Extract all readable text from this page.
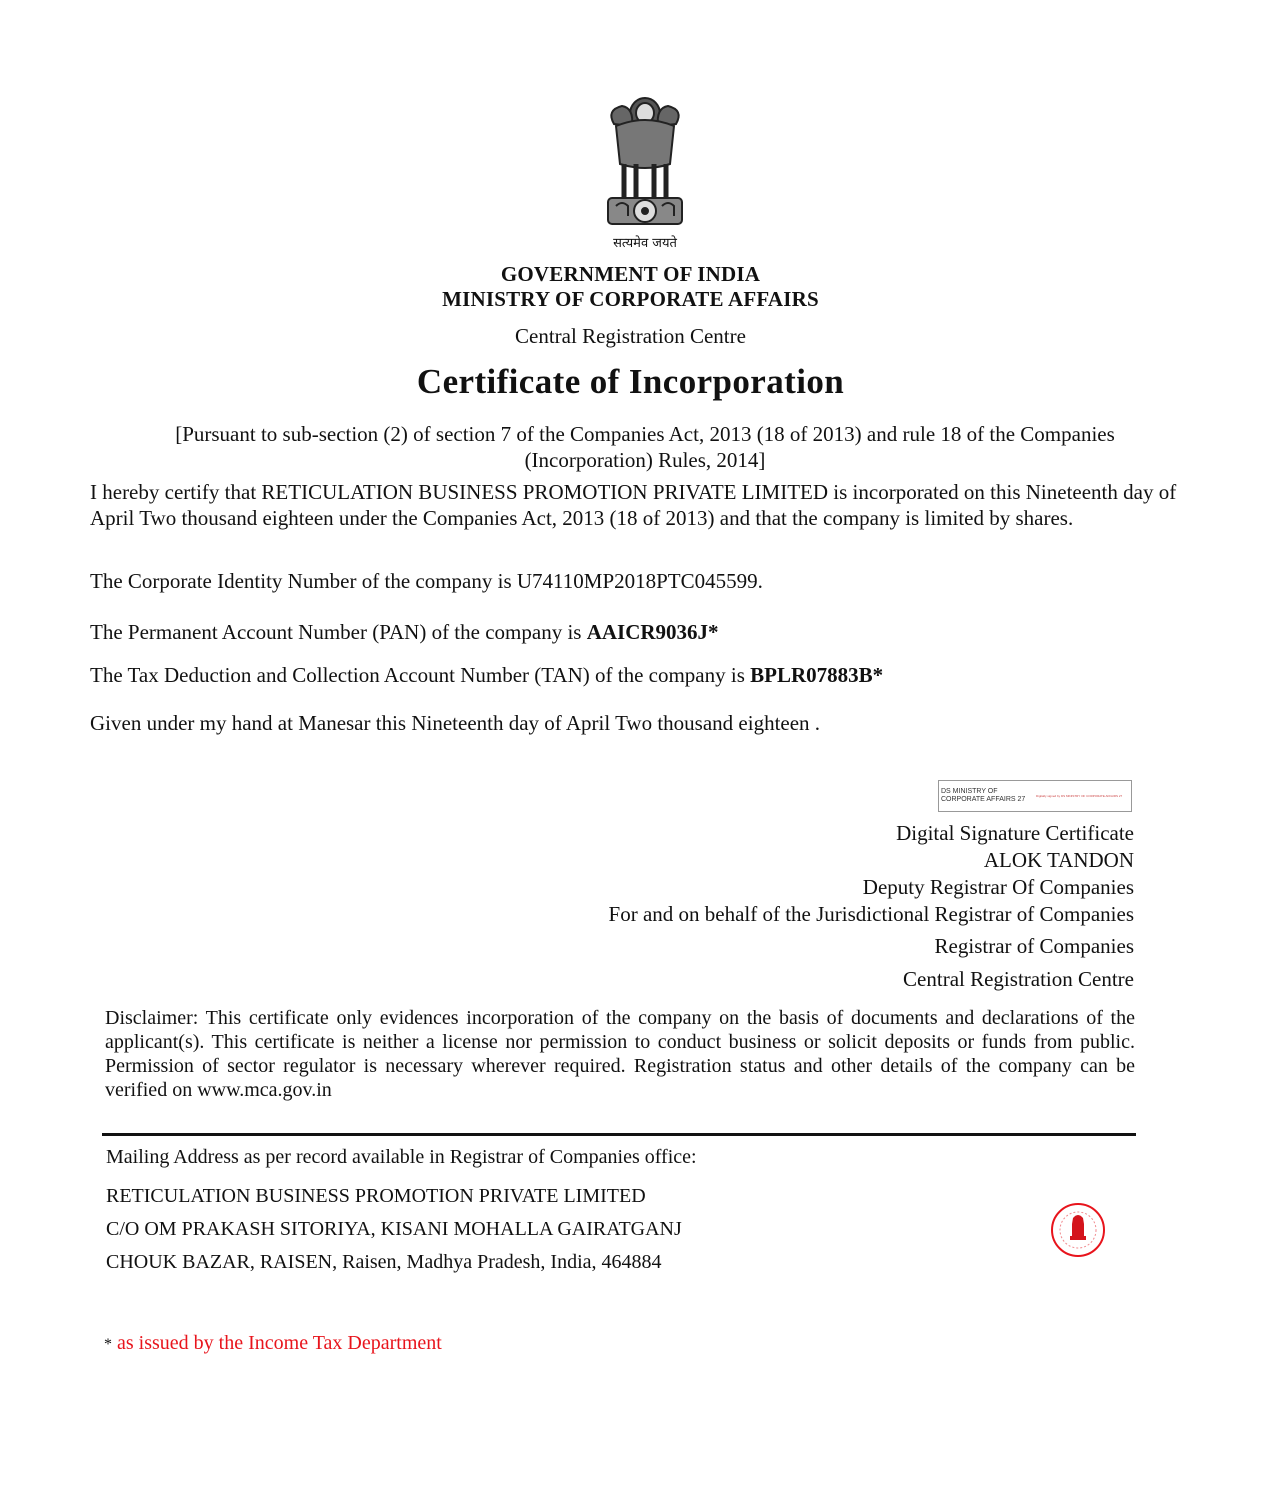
सत्यमेव जयते
GOVERNMENT OF INDIA
MINISTRY OF CORPORATE AFFAIRS
Central Registration Centre
Certificate of Incorporation
[Pursuant to sub-section (2) of section 7 of the Companies Act, 2013 (18 of 2013) and rule 18 of the Companies (Incorporation) Rules, 2014]
I hereby certify that RETICULATION BUSINESS PROMOTION PRIVATE LIMITED is incorporated on this Nineteenth day of April Two thousand eighteen under the Companies Act, 2013 (18 of 2013) and that the company is limited by shares.
The Corporate Identity Number of the company is U74110MP2018PTC045599.
The Permanent Account Number (PAN) of the company is AAICR9036J*
The Tax Deduction and Collection Account Number (TAN) of the company is BPLR07883B*
Given under my hand at Manesar this Nineteenth day of April Two thousand eighteen .
DS MINISTRY OF CORPORATE AFFAIRS 27	Digitally signed by DS MINISTRY OF CORPORATE AFFAIRS 27
Digital Signature Certificate
ALOK TANDON
Deputy Registrar Of Companies
For and on behalf of the Jurisdictional Registrar of Companies
Registrar of Companies
Central Registration Centre
Disclaimer: This certificate only evidences incorporation of the company on the basis of documents and declarations of the applicant(s). This certificate is neither a license nor permission to conduct business or solicit deposits or funds from public. Permission of sector regulator is necessary wherever required. Registration status and other details of the company can be verified on www.mca.gov.in
Mailing Address as per record available in Registrar of Companies office:
RETICULATION BUSINESS PROMOTION PRIVATE LIMITED
C/O OM PRAKASH SITORIYA, KISANI MOHALLA GAIRATGANJ
CHOUK BAZAR, RAISEN, Raisen, Madhya Pradesh, India, 464884
* as issued by the Income Tax Department
